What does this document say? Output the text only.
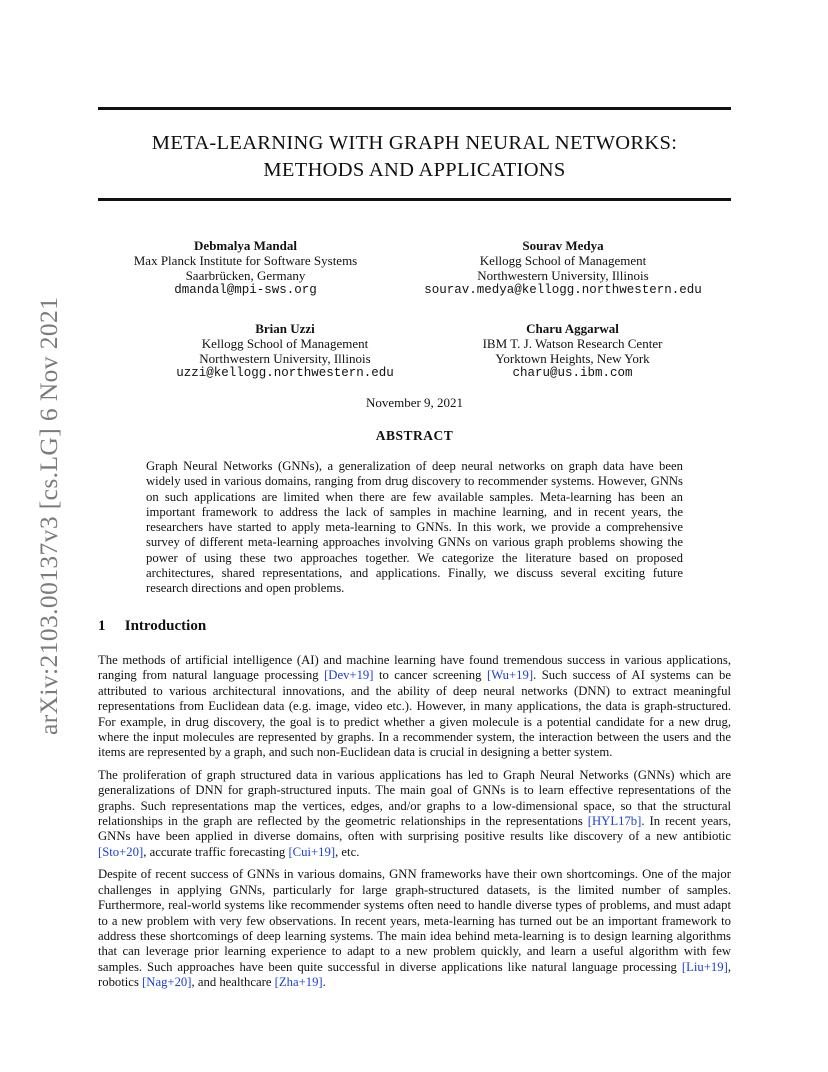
META-LEARNING WITH GRAPH NEURAL NETWORKS:
METHODS AND APPLICATIONS
Debmalya Mandal
Max Planck Institute for Software Systems
Saarbrücken, Germany
dmandal@mpi-sws.org
Sourav Medya
Kellogg School of Management
Northwestern University, Illinois
sourav.medya@kellogg.northwestern.edu
Brian Uzzi
Kellogg School of Management
Northwestern University, Illinois
uzzi@kellogg.northwestern.edu
Charu Aggarwal
IBM T. J. Watson Research Center
Yorktown Heights, New York
charu@us.ibm.com
November 9, 2021
ABSTRACT
Graph Neural Networks (GNNs), a generalization of deep neural networks on graph data have been widely used in various domains, ranging from drug discovery to recommender systems. However, GNNs on such applications are limited when there are few available samples. Meta-learning has been an important framework to address the lack of samples in machine learning, and in recent years, the researchers have started to apply meta-learning to GNNs. In this work, we provide a comprehensive survey of different meta-learning approaches involving GNNs on various graph problems showing the power of using these two approaches together. We categorize the literature based on proposed architectures, shared representations, and applications. Finally, we discuss several exciting future research directions and open problems.
1 Introduction

The methods of artificial intelligence (AI) and machine learning have found tremendous success in various applications, ranging from natural language processing [Dev+19] to cancer screening [Wu+19]. Such success of AI systems can be attributed to various architectural innovations, and the ability of deep neural networks (DNN) to extract meaningful representations from Euclidean data (e.g. image, video etc.). However, in many applications, the data is graph-structured. For example, in drug discovery, the goal is to predict whether a given molecule is a potential candidate for a new drug, where the input molecules are represented by graphs. In a recommender system, the interaction between the users and the items are represented by a graph, and such non-Euclidean data is crucial in designing a better system.

The proliferation of graph structured data in various applications has led to Graph Neural Networks (GNNs) which are generalizations of DNN for graph-structured inputs. The main goal of GNNs is to learn effective representations of the graphs. Such representations map the vertices, edges, and/or graphs to a low-dimensional space, so that the structural relationships in the graph are reflected by the geometric relationships in the representations [HYL17b]. In recent years, GNNs have been applied in diverse domains, often with surprising positive results like discovery of a new antibiotic [Sto+20], accurate traffic forecasting [Cui+19], etc.

Despite of recent success of GNNs in various domains, GNN frameworks have their own shortcomings. One of the major challenges in applying GNNs, particularly for large graph-structured datasets, is the limited number of samples. Furthermore, real-world systems like recommender systems often need to handle diverse types of problems, and must adapt to a new problem with very few observations. In recent years, meta-learning has turned out be an important framework to address these shortcomings of deep learning systems. The main idea behind meta-learning is to design learning algorithms that can leverage prior learning experience to adapt to a new problem quickly, and learn a useful algorithm with few samples. Such approaches have been quite successful in diverse applications like natural language processing [Liu+19], robotics [Nag+20], and healthcare [Zha+19].

arXiv:2103.00137v3 [cs.LG] 6 Nov 2021
